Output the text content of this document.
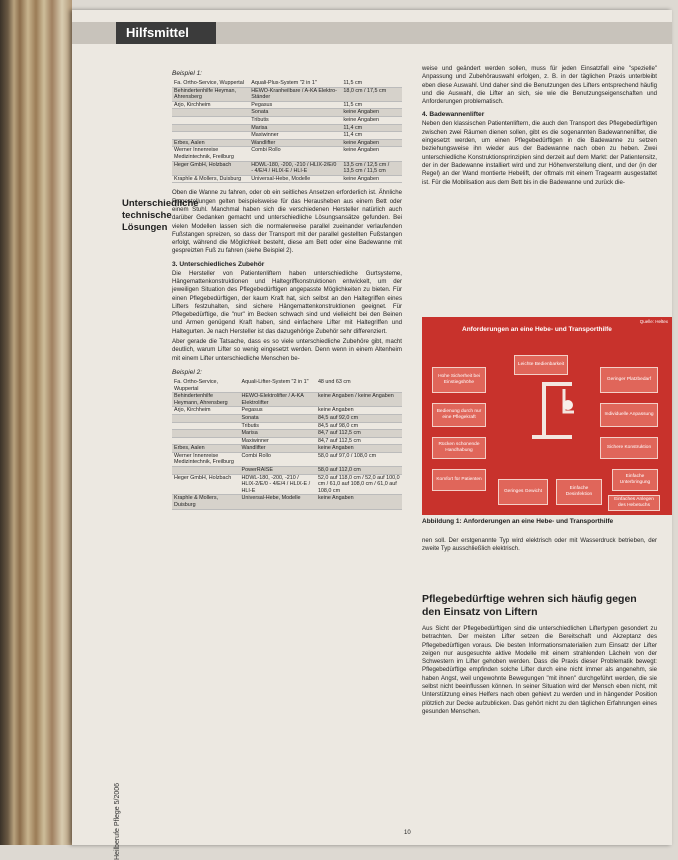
Hilfsmittel
Heilberufe Pflege 5/2006
Beispiel 1:
Fa. Ortho-Service, Wuppertal	Aquali-Plus-System "2 in 1"	11,5 cm
Behindertenhilfe Heyman, Ahrensberg	HEWO-Kranheilbare / A-KA Elektro-Ständer	18,0 cm / 17,5 cm
Arjo, Kirchheim	Pegasus	11,5 cm
	Sonata	keine Angaben
	Tributis	keine Angaben
	Marisa	11,4 cm
	Maxiwinner	11,4 cm
Erbes, Aalen	Wandlifter	keine Angaben
Werner Innenreise Medizintechnik, Freilburg	Combi Rollo	keine Angaben
Heger GmbH, Holzbach	HDWL-180, -200, -210 / HLIX-2/E/0 - 4/E/4 / HLIX-E / HLI-E	13,5 cm / 12,5 cm / 13,5 cm / 11,5 cm
Kraphle & Mollers, Duisburg	Universal-Hebe, Modelle	keine Angaben

Oben die Wanne zu fahren, oder ob ein seitliches Ansetzen erforderlich ist. Ähnliche Fragestellungen gelten beispielsweise für das Herausheben aus einem Bett oder einem Stuhl. Manchmal haben sich die verschiedenen Hersteller natürlich auch darüber Gedanken gemacht und unterschiedliche Lösungsansätze gefunden. Bei vielen Modellen lassen sich die normalerweise parallel zueinander verlaufenden Fußstangen spreizen, so dass der Transport mit der parallel gestellten Fußstangen erfolgt, während die Möglichkeit besteht, diese am Bett oder eine Badewanne mit gespreizten Fuß zu fahren (siehe Beispiel 2).

Unterschiedliche technische Lösungen
3. Unterschiedliches Zubehör

Die Hersteller von Patientenliftern haben unterschiedliche Gurtsysteme, Hängemattenkonstruktionen und Haltegriffkonstruktionen entwickelt, um der jeweiligen Situation des Pflegebedürftigen angepasste Möglichkeiten zu bieten. Für einen Pflegebedürftigen, der kaum Kraft hat, sich selbst an den Haltegriffen eines Lifters festzuhalten, sind sichere Hängemattenkonstruktionen geeignet. Für Pflegebedürftige, die "nur" im Becken schwach sind und vielleicht bei den Beinen und Armen genügend Kraft haben, sind einfachere Lifter mit Haltegriffen und Haltegurten. Je nach Hersteller ist das dazugehörige Zubehör sehr differenziert.

Aber gerade die Tatsache, dass es so viele unterschiedliche Zubehöre gibt, macht deutlich, warum Lifter so wenig eingesetzt werden. Denn wenn in einem Altenheim mit einem Lifter unterschiedliche Menschen be-

Beispiel 2:
Fa. Ortho-Service, Wuppertal	Aquali-Lifter-System "2 in 1"	48 und 63 cm
Behindertenhilfe Heymann, Ahrensberg	HEWO-Elektrolifter / A-KA Elektrolifter	keine Angaben / keine Angaben
Arjo, Kirchheim	Pegasus	keine Angaben
	Sonata	84,5 auf 92,0 cm
	Tributis	84,5 auf 98,0 cm
	Marisa	84,7 auf 112,5 cm
	Maxiwinner	84,7 auf 112,5 cm
Erbes, Aalen	Wandlifter	keine Angaben
Werner Innenreise Medizintechnik, Freilburg	Combi Rollo	58,0 auf 97,0 / 108,0 cm
	PowerRAISE	58,0 auf 112,0 cm
Heger GmbH, Holzbach	HDWL-180, -200, -210 / HLIX-2/E/0 - 4/E/4 / HLIX-E / HLI-E	52,0 auf 118,0 cm / 52,0 auf 100,0 cm / 61,0 auf 108,0 cm / 61,0 auf 108,0 cm
Kraphle & Mollers, Duisburg	Universal-Hebe, Modelle	keine Angaben

weise und geändert werden sollen, muss für jeden Einsatzfall eine "spezielle" Anpassung und Zubehörauswahl erfolgen, z. B. in der täglichen Praxis unterbleibt eben diese Auswahl. Und daher sind die Benutzungen des Lifters entsprechend häufig und die Auswahl, die Lifter an sich, sie wie die Benutzungseigenschaften und Anforderungen problematisch.

4. Badewannenlifter

Neben den klassischen Patientenliftern, die auch den Transport des Pflegebedürftigen zwischen zwei Räumen dienen sollen, gibt es die sogenannten Badewannenlifter, die eingesetzt werden, um einen Pflegebedürftigen in die Badewanne zu setzen beziehungsweise ihn wieder aus der Badewanne nach oben zu heben. Zwei unterschiedliche Konstruktionsprinzipien sind derzeit auf dem Markt: der Patientensitz, der in der Badewanne installiert wird und zur Höhenverstellung dient, und der (in der Regel) an der Wand montierte Hebelift, der oftmals mit einem Tragearm ausgestattet ist. Für die Mobilisation aus dem Bett bis in die Badewanne und zurück die-

Quelle: Heltex
Anforderungen an eine Hebe- und Transporthilfe
Hohe Sicherheit bei Einstiegshöhe
Leichte Bedienbarkeit
Geringer Platzbedarf
Bedienung durch nur eine Pflegekraft
Individuelle Anpassung
Rücken schonende Handhabung
Sichere Konstruktion
Komfort für Patienten
Geringes Gewicht
Einfache Desinfektion
Einfache Unterbringung
Einfaches Anlegen des Hebetuchs
Abbildung 1: Anforderungen an eine Hebe- und Transporthilfe

nen soll. Der erstgenannte Typ wird elektrisch oder mit Wasserdruck betrieben, der zweite Typ ausschließlich elektrisch.

Pflegebedürftige wehren sich häufig gegen den Einsatz von Liftern

Aus Sicht der Pflegebedürftigen sind die unterschiedlichen Liftertypen gesondert zu betrachten. Der meisten Lifter setzen die Bereitschaft und Akzeptanz des Pflegebedürftigen voraus. Die besten Informationsmaterialien zum Einsatz der Lifter zeigen nur ausgesuchte aktive Modelle mit einem strahlenden Lächeln von der Schwestern im Lifter gehoben werden. Dass die Praxis dieser Problematik bewegt: Pflegebedürftige empfinden solche Lifter durch eine nicht immer als angenehm, sie haben Angst, weil ungewohnte Bewegungen "mit ihnen" durchgeführt werden, die sie selbst nicht beeinflussen können. In seiner Situation wird der Mensch eben nicht, mit Unterstützung eines Helfers nach oben gehievt zu werden und in hängender Position plötzlich zur Decke aufzublicken. Das gehört nicht zu den täglichen Erfahrungen eines gesunden Menschen.

10
